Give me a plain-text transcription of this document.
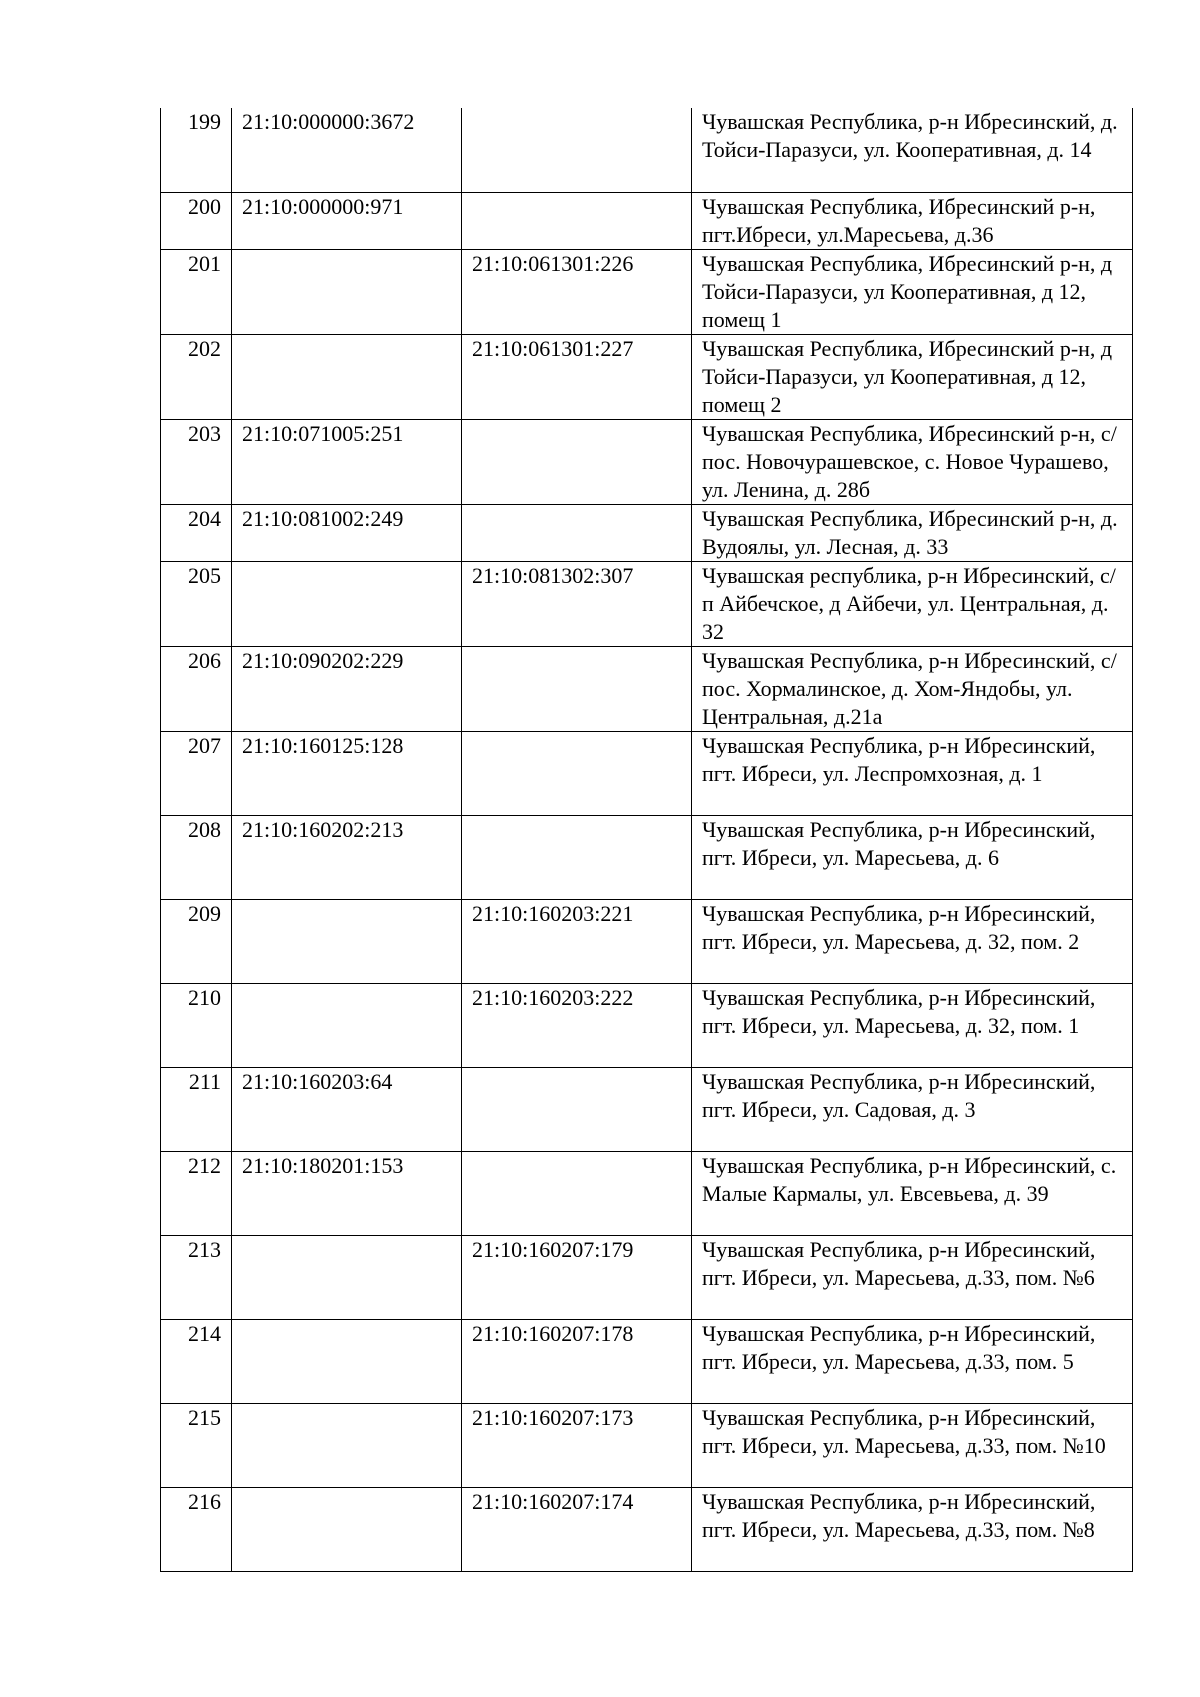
199	21:10:000000:3672		Чувашская Республика, р-н Ибресинский, д. Тойси-Паразуси, ул. Кооперативная, д. 14
200	21:10:000000:971		Чувашская Республика, Ибресинский р-н, пгт.Ибреси, ул.Маресьева, д.36
201		21:10:061301:226	Чувашская Республика, Ибресинский р-н, д Тойси-Паразуси, ул Кооперативная, д 12, помещ 1
202		21:10:061301:227	Чувашская Республика, Ибресинский р-н, д Тойси-Паразуси, ул Кооперативная, д 12, помещ 2
203	21:10:071005:251		Чувашская Республика, Ибресинский р-н, с/пос. Новочурашевское, с. Новое Чурашево, ул. Ленина, д. 28б
204	21:10:081002:249		Чувашская Республика, Ибресинский р-н, д. Вудоялы, ул. Лесная, д. 33
205		21:10:081302:307	Чувашская республика, р-н Ибресинский, с/п Айбечское, д Айбечи, ул. Центральная, д. 32
206	21:10:090202:229		Чувашская Республика, р-н Ибресинский, с/пос. Хормалинское, д. Хом-Яндобы, ул. Центральная, д.21а
207	21:10:160125:128		Чувашская Республика, р-н Ибресинский, пгт. Ибреси, ул. Леспромхозная, д. 1
208	21:10:160202:213		Чувашская Республика, р-н Ибресинский, пгт. Ибреси, ул. Маресьева, д. 6
209		21:10:160203:221	Чувашская Республика, р-н Ибресинский, пгт. Ибреси, ул. Маресьева, д. 32, пом. 2
210		21:10:160203:222	Чувашская Республика, р-н Ибресинский, пгт. Ибреси, ул. Маресьева, д. 32, пом. 1
211	21:10:160203:64		Чувашская Республика, р-н Ибресинский, пгт. Ибреси, ул. Садовая, д. 3
212	21:10:180201:153		Чувашская Республика, р-н Ибресинский, с. Малые Кармалы, ул. Евсевьева, д. 39
213		21:10:160207:179	Чувашская Республика, р-н Ибресинский, пгт. Ибреси, ул. Маресьева, д.33, пом. №6
214		21:10:160207:178	Чувашская Республика, р-н Ибресинский, пгт. Ибреси, ул. Маресьева, д.33, пом. 5
215		21:10:160207:173	Чувашская Республика, р-н Ибресинский, пгт. Ибреси, ул. Маресьева, д.33, пом. №10
216		21:10:160207:174	Чувашская Республика, р-н Ибресинский, пгт. Ибреси, ул. Маресьева, д.33, пом. №8
